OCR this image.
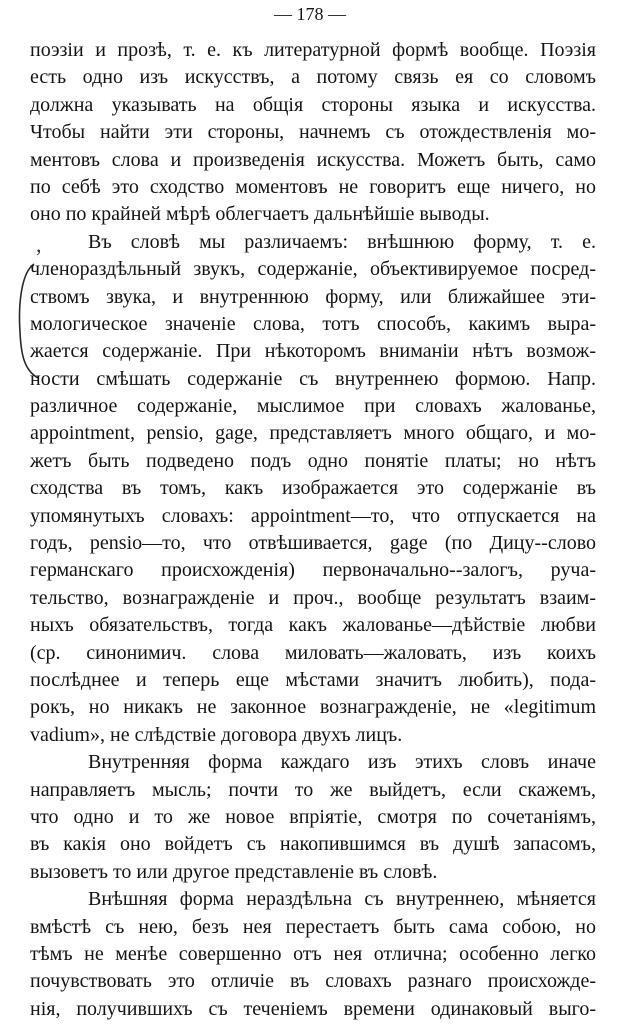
— 178 —
,
поэзіи и прозѣ, т. е. къ литературной формѣ вообще. Поэзія
есть одно изъ искусствъ, а потому связь ея со словомъ
должна указывать на общія стороны языка и искусства.
Чтобы найти эти стороны, начнемъ съ отождествленія мо-
ментовъ слова и произведенія искусства. Можетъ быть, само
по себѣ это сходство моментовъ не говоритъ еще ничего, но
оно по крайней мѣрѣ облегчаетъ дальнѣйшіе выводы.
Въ словѣ мы различаемъ: внѣшнюю форму, т. е.
членораздѣльный звукъ, содержаніе, объективируемое посред-
ствомъ звука, и внутреннюю форму, или ближайшее эти-
мологическое значеніе слова, тотъ способъ, какимъ выра-
жается содержаніе. При нѣкоторомъ вниманіи нѣтъ возмож-
ности смѣшать содержаніе съ внутреннею формою. Напр.
различное содержаніе, мыслимое при словахъ жалованье,
appointment, pensio, gage, представляетъ много общаго, и мо-
жетъ быть подведено подъ одно понятіе платы; но нѣтъ
сходства въ томъ, какъ изображается это содержаніе въ
упомянутыхъ словахъ: appointment—то, что отпускается на
годъ, pensio—то, что отвѣшивается, gage (по Дицу--слово
германскаго происхожденія) первоначально--залогъ, руча-
тельство, вознагражденіе и проч., вообще результатъ взаим-
ныхъ обязательствъ, тогда какъ жалованье—дѣйствіе любви
(ср. синонимич. слова миловать—жаловать, изъ коихъ
послѣднее и теперь еще мѣстами значитъ любить), пода-
рокъ, но никакъ не законное вознагражденіе, не «legitimum
vadium», не слѣдствіе договора двухъ лицъ.
Внутренняя форма каждаго изъ этихъ словъ иначе
направляетъ мысль; почти то же выйдетъ, если скажемъ,
что одно и то же новое впріятіе, смотря по сочетаніямъ,
въ какія оно войдетъ съ накопившимся въ душѣ запасомъ,
вызоветъ то или другое представленіе въ словѣ.
Внѣшняя форма нераздѣльна съ внутреннею, мѣняется
вмѣстѣ съ нею, безъ нея перестаетъ быть сама собою, но
тѣмъ не менѣе совершенно отъ нея отлична; особенно легко
почувствовать это отличіе въ словахъ разнаго происхожде-
нія, получившихъ съ теченіемъ времени одинаковый выго-
